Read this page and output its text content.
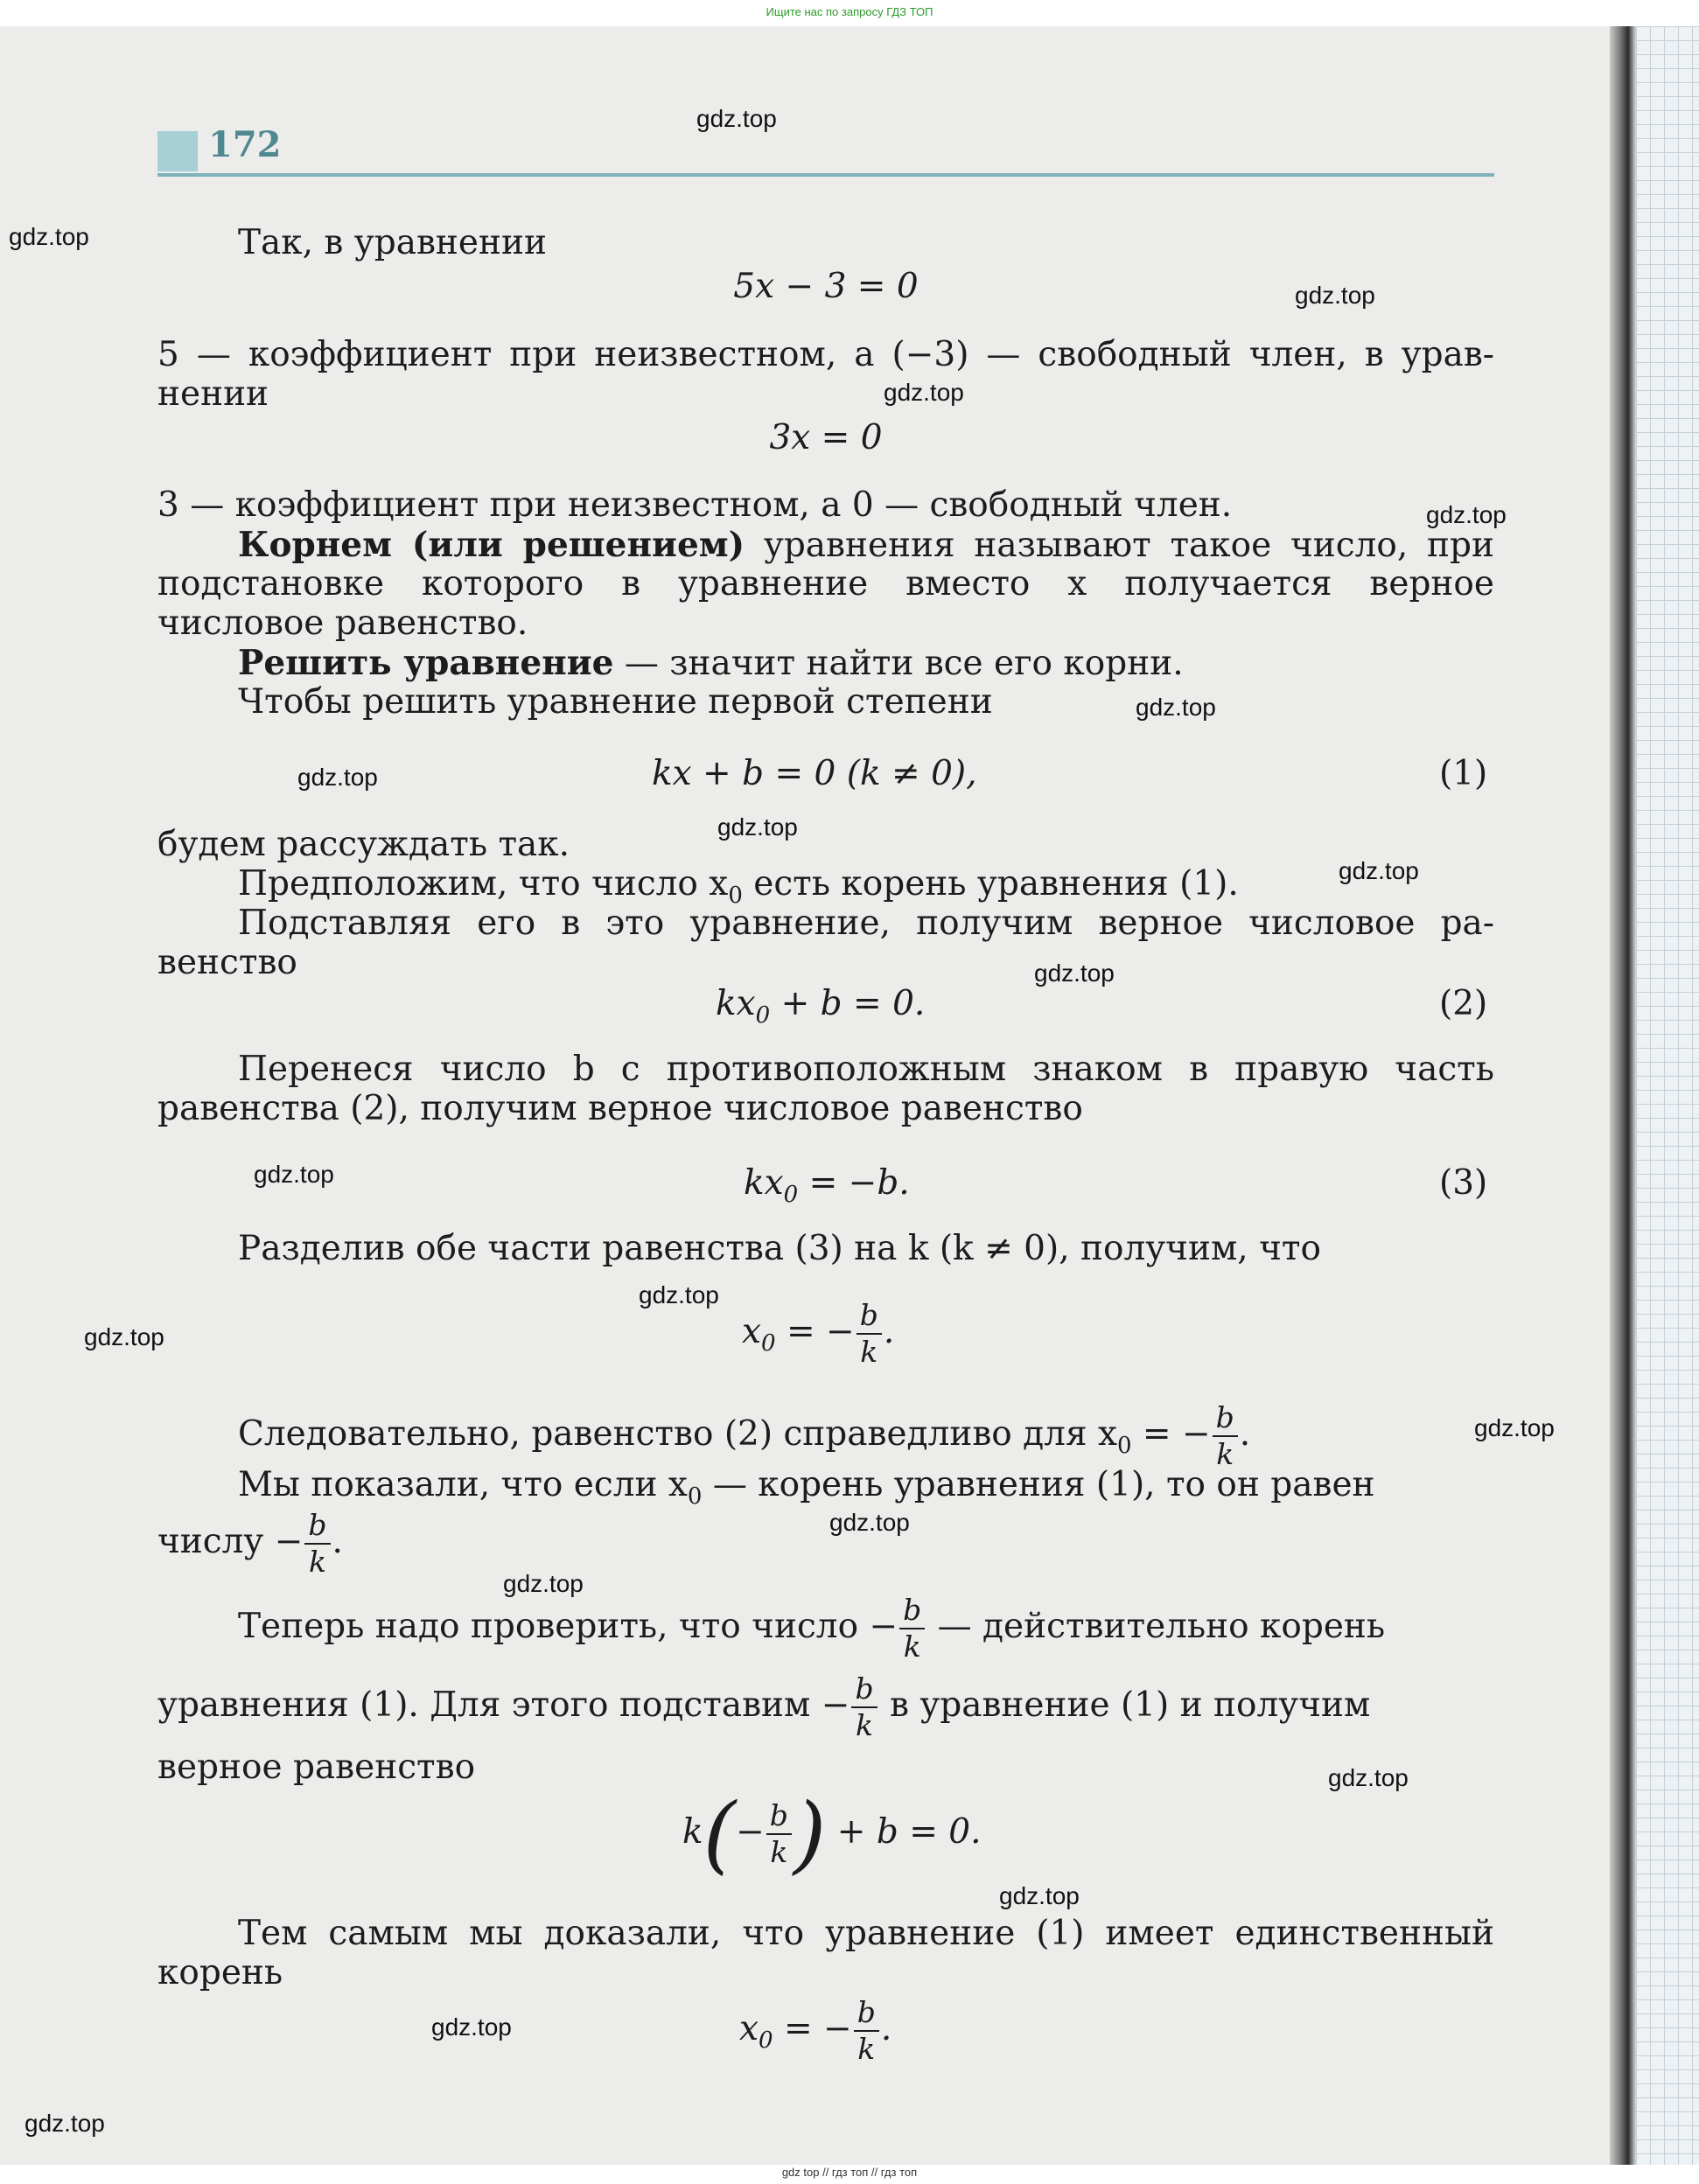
Ищите нас по запросу ГДЗ ТОП
172
Так, в уравнении
5x − 3 = 0
5 — коэффициент при неизвестном, а (−3) — свободный член, в урав-
нении
3x = 0
3 — коэффициент при неизвестном, а 0 — свободный член.
Корнем (или решением) уравнения называют такое число, при
подстановке которого в уравнение вместо x получается верное
числовое равенство.
Решить уравнение — значит найти все его корни.
Чтобы решить уравнение первой степени
kx + b = 0 (k ≠ 0),	(1)
будем рассуждать так.
Предположим, что число $x_0$ есть корень уравнения (1).
Подставляя его в это уравнение, получим верное числовое ра-
венство
$kx_0 + b = 0$.	(2)
Перенеся число b с противоположным знаком в правую часть
равенства (2), получим верное числовое равенство
$kx_0 = -b$.	(3)
Разделив обе части равенства (3) на k (k ≠ 0), получим, что
$x_0$ = − $\frac{b}{k}$ .
Следовательно, равенство (2) справедливо для $x_0$ = − $\frac{b}{k}$ .
Мы показали, что если $x_0$ — корень уравнения (1), то он равен
числу − $\frac{b}{k}$ .
Теперь надо проверить, что число − $\frac{b}{k}$ — действительно корень
уравнения (1). Для этого подставим − $\frac{b}{k}$ в уравнение (1) и получим
верное равенство
$k(- \frac{b}{k}$ ) + b = 0.
Тем самым мы доказали, что уравнение (1) имеет единственный
корень
$x_0$ = − $\frac{b}{k}$ .
gdz.top
gdz.top
gdz.top
gdz.top
gdz.top
gdz.top
gdz.top
gdz.top
gdz.top
gdz.top
gdz.top
gdz.top
gdz.top
gdz.top
gdz.top
gdz.top
gdz.top
gdz.top
gdz.top
gdz.top
gdz top // гдз топ // гдз топ
